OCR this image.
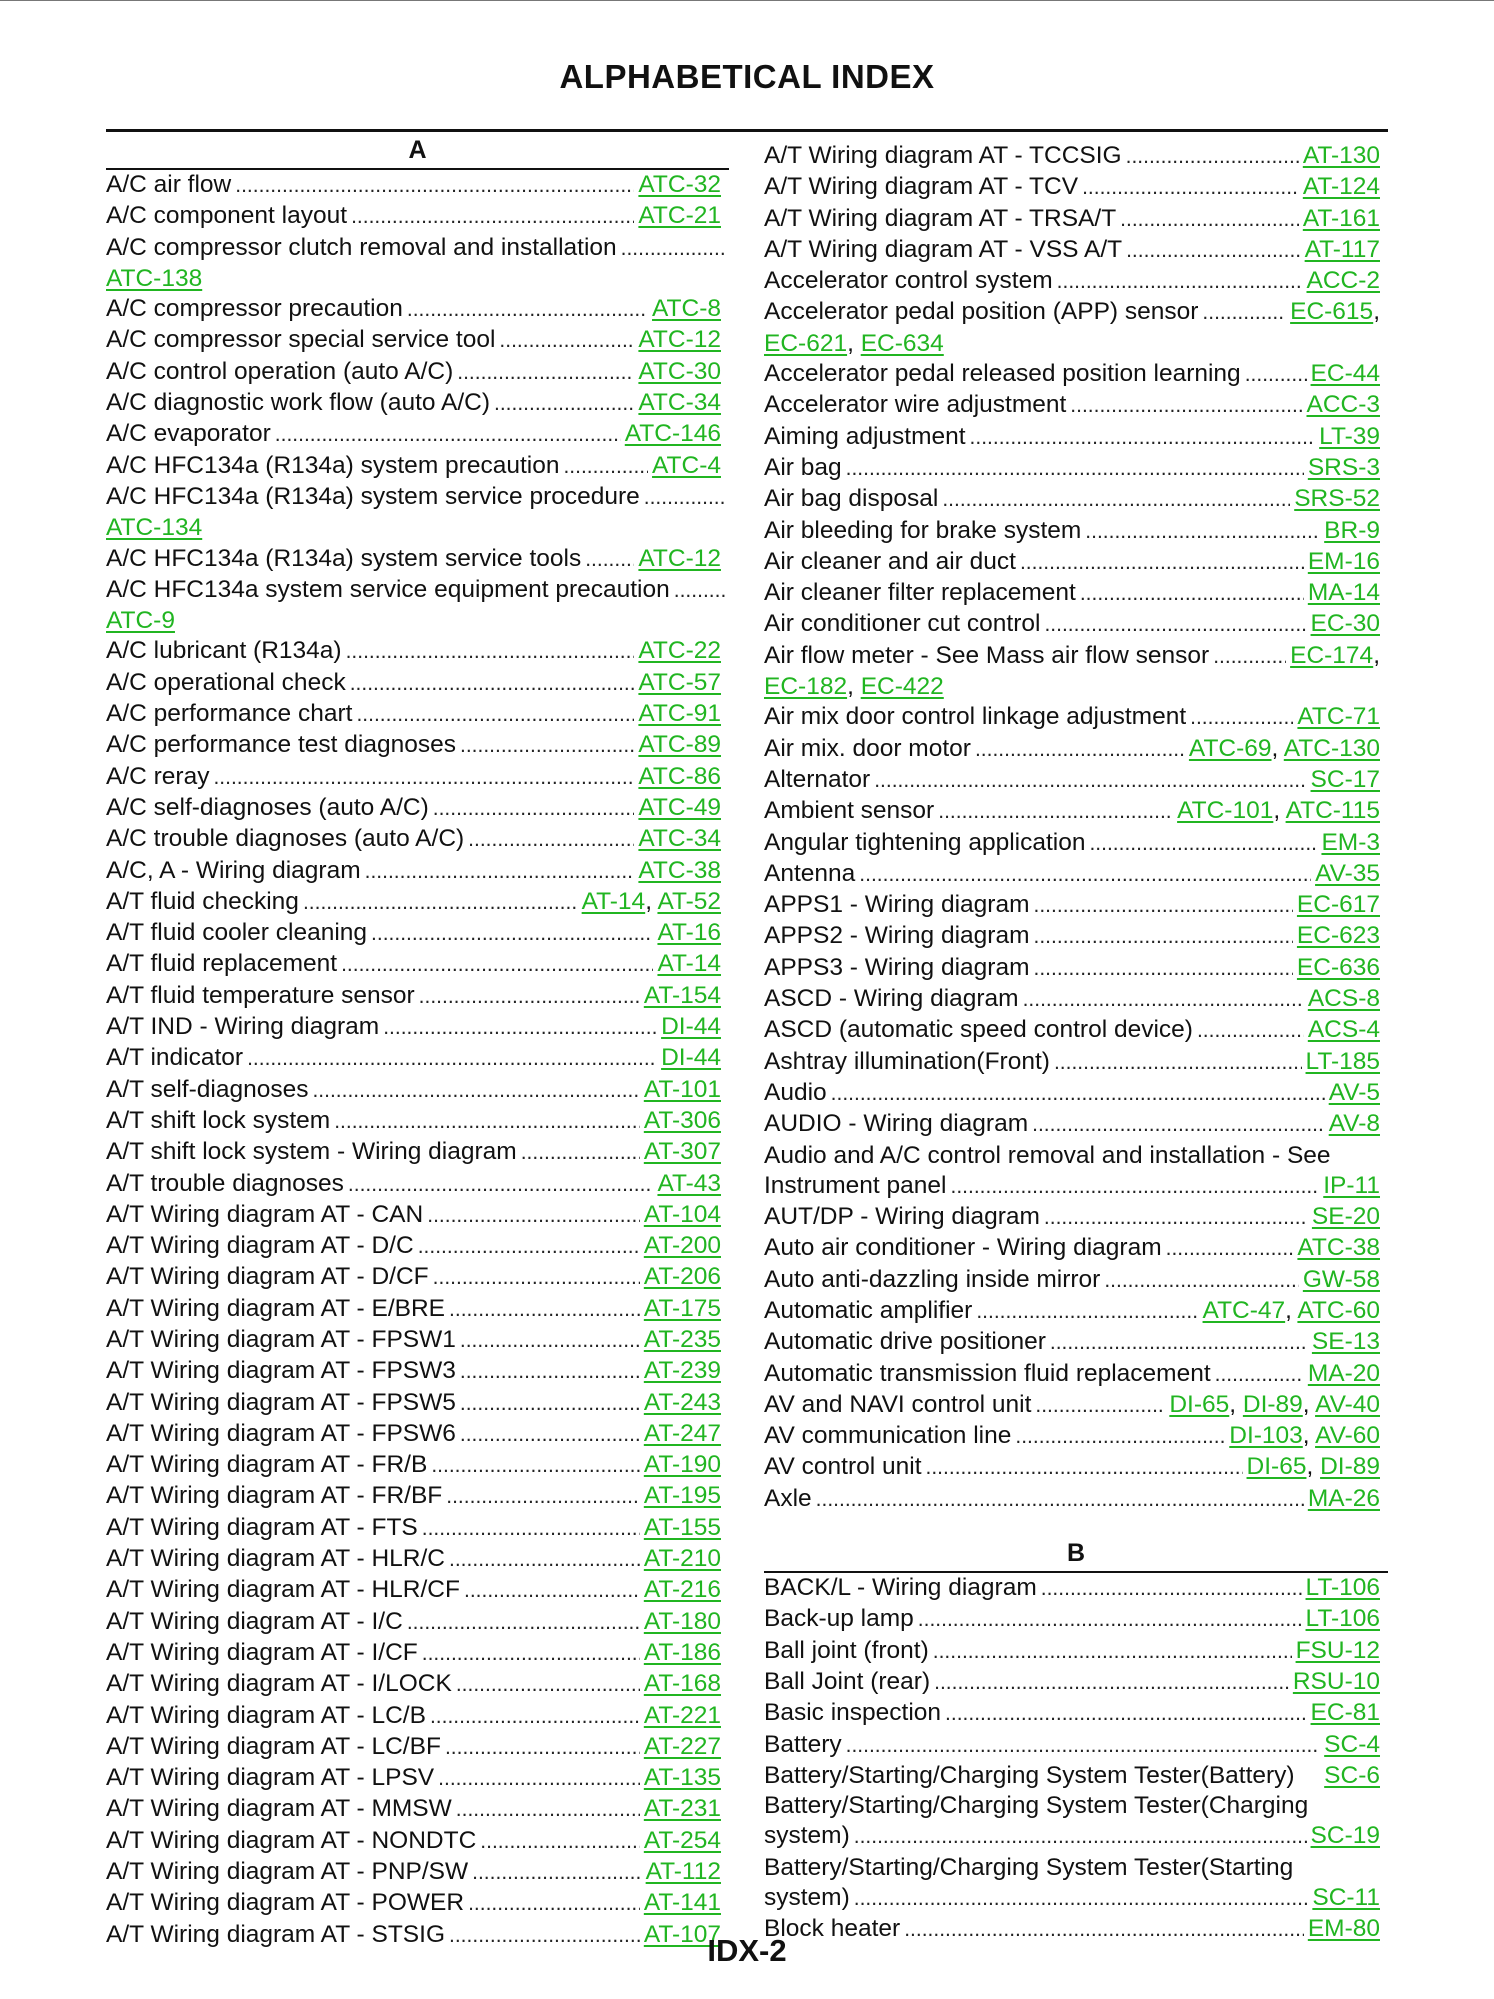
ALPHABETICAL INDEX
A
A/C air flow .....	ATC-32
A/C component layout .....	ATC-21
A/C compressor clutch removal and installation
.....
ATC-138
A/C compressor precaution .....	ATC-8
A/C compressor special service tool .....	ATC-12
A/C control operation (auto A/C) .....	ATC-30
A/C diagnostic work flow (auto A/C) .....	ATC-34
A/C evaporator .....	ATC-146
A/C HFC134a (R134a) system precaution .....	ATC-4
A/C HFC134a (R134a) system service procedure
.....
ATC-134
A/C HFC134a (R134a) system service tools ..... ATC-12
A/C HFC134a system service equipment precaution
.....
ATC-9
A/C lubricant (R134a) .....	ATC-22
A/C operational check .....	ATC-57
A/C performance chart .....	ATC-91
A/C performance test diagnoses .....	ATC-89
A/C reray .....	ATC-86
A/C self-diagnoses (auto A/C) .....	ATC-49
A/C trouble diagnoses (auto A/C) .....	ATC-34
A/C, A - Wiring diagram .....	ATC-38
A/T fluid checking .....	AT-14, AT-52
A/T fluid cooler cleaning .....	AT-16
A/T fluid replacement .....	AT-14
A/T fluid temperature sensor .....	AT-154
A/T IND - Wiring diagram .....	DI-44
A/T indicator .....	DI-44
A/T self-diagnoses .....	AT-101
A/T shift lock system .....	AT-306
A/T shift lock system - Wiring diagram .....	AT-307
A/T trouble diagnoses .....	AT-43
A/T Wiring diagram AT - CAN .....	AT-104
A/T Wiring diagram AT - D/C .....	AT-200
A/T Wiring diagram AT - D/CF .....	AT-206
A/T Wiring diagram AT - E/BRE .....	AT-175
A/T Wiring diagram AT - FPSW1 .....	AT-235
A/T Wiring diagram AT - FPSW3 .....	AT-239
A/T Wiring diagram AT - FPSW5 .....	AT-243
A/T Wiring diagram AT - FPSW6 .....	AT-247
A/T Wiring diagram AT - FR/B .....	AT-190
A/T Wiring diagram AT - FR/BF .....	AT-195
A/T Wiring diagram AT - FTS .....	AT-155
A/T Wiring diagram AT - HLR/C .....	AT-210
A/T Wiring diagram AT - HLR/CF .....	AT-216
A/T Wiring diagram AT - I/C .....	AT-180
A/T Wiring diagram AT - I/CF .....	AT-186
A/T Wiring diagram AT - I/LOCK .....	AT-168
A/T Wiring diagram AT - LC/B .....	AT-221
A/T Wiring diagram AT - LC/BF .....	AT-227
A/T Wiring diagram AT - LPSV .....	AT-135
A/T Wiring diagram AT - MMSW .....	AT-231
A/T Wiring diagram AT - NONDTC .....	AT-254
A/T Wiring diagram AT - PNP/SW .....	AT-112
A/T Wiring diagram AT - POWER .....	AT-141
A/T Wiring diagram AT - STSIG .....	AT-107
A/T Wiring diagram AT - TCCSIG .....	AT-130
A/T Wiring diagram AT - TCV .....	AT-124
A/T Wiring diagram AT - TRSA/T .....	AT-161
A/T Wiring diagram AT - VSS A/T .....	AT-117
Accelerator control system .....	ACC-2
Accelerator pedal position (APP) sensor .....	EC-615,
EC-621, EC-634
Accelerator pedal released position learning .....	EC-44
Accelerator wire adjustment .....	ACC-3
Aiming adjustment .....	LT-39
Air bag .....	SRS-3
Air bag disposal .....	SRS-52
Air bleeding for brake system .....	BR-9
Air cleaner and air duct .....	EM-16
Air cleaner filter replacement .....	MA-14
Air conditioner cut control .....	EC-30
Air flow meter - See Mass air flow sensor .....	EC-174,
EC-182, EC-422
Air mix door control linkage adjustment .....	ATC-71
Air mix. door motor .....	ATC-69, ATC-130
Alternator .....	SC-17
Ambient sensor .....	ATC-101, ATC-115
Angular tightening application .....	EM-3
Antenna .....	AV-35
APPS1 - Wiring diagram .....	EC-617
APPS2 - Wiring diagram .....	EC-623
APPS3 - Wiring diagram .....	EC-636
ASCD - Wiring diagram .....	ACS-8
ASCD (automatic speed control device) .....	ACS-4
Ashtray illumination(Front) .....	LT-185
Audio .....	AV-5
AUDIO - Wiring diagram .....	AV-8
Audio and A/C control removal and installation - See
Instrument panel .....	IP-11
AUT/DP - Wiring diagram .....	SE-20
Auto air conditioner - Wiring diagram .....	ATC-38
Auto anti-dazzling inside mirror .....	GW-58
Automatic amplifier .....	ATC-47, ATC-60
Automatic drive positioner .....	SE-13
Automatic transmission fluid replacement .....	MA-20
AV and NAVI control unit .....	DI-65, DI-89, AV-40
AV communication line .....	DI-103, AV-60
AV control unit .....	DI-65, DI-89
Axle .....	MA-26
B
BACK/L - Wiring diagram .....	LT-106
Back-up lamp .....	LT-106
Ball joint (front) .....	FSU-12
Ball Joint (rear) .....	RSU-10
Basic inspection .....	EC-81
Battery .....	SC-4
Battery/Starting/Charging System Tester(Battery) SC-6
Battery/Starting/Charging System Tester(Charging
system) .....	SC-19
Battery/Starting/Charging System Tester(Starting
system) .....	SC-11
Block heater .....	EM-80
IDX-2
